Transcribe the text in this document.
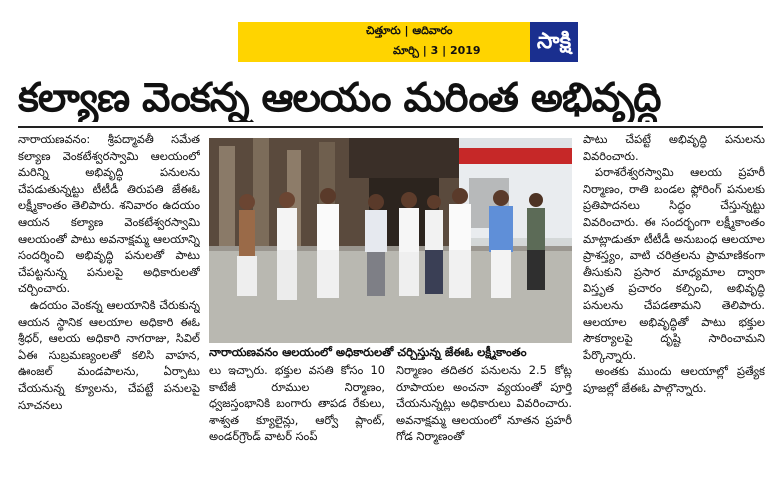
చిత్తూరు | ఆదివారం
మార్చి | 3 | 2019	సాక్షి
కల్యాణ వెంకన్న ఆలయం మరింత అభివృద్ధి

నారాయణవనం: శ్రీపద్మావతీ సమేత కల్యాణ వెంకటేశ్వరస్వామి ఆలయంలో మరిన్ని అభివృద్ధి పనులను చేపడుతున్నట్టు టీటీడీ తిరుపతి జేఈఓ లక్ష్మీకాంతం తెలిపారు. శనివారం ఉదయం ఆయన కల్యాణ వెంకటేశ్వరస్వామి ఆలయంతో పాటు అవనాక్షమ్మ ఆలయాన్ని సందర్శించి అభివృద్ధి పనులతో పాటు చేపట్టనున్న పనులపై అధికారులతో చర్చించారు.

ఉదయం వెంకన్న ఆలయానికి చేరుకున్న ఆయన స్థానిక ఆలయాల అధికారి ఈఓ శ్రీధర్, ఆలయ అధికారి నాగరాజు, సివిల్ ఏఈ సుబ్రమణ్యంలతో కలిసి వాహన, ఊంజల్ మండపాలను, ఏర్పాటు చేయనున్న క్యూలను, చేపట్టే పనులపై సూచనలు

నారాయణవనం ఆలయంలో అధికారులతో చర్చిస్తున్న జేఈఓ లక్ష్మీకాంతం

లు ఇచ్చారు. భక్తుల వసతి కోసం 10 కాటేజీ రూముల నిర్మాణం, ధ్వజస్తంభానికి బంగారు తాపడ రేకులు, శాశ్వత క్యూలైన్లు, ఆర్వో ప్లాంట్, అండర్‌గ్రౌండ్ వాటర్ సంప్

నిర్మాణం తదితర పనులను 2.5 కోట్ల రూపాయల అంచనా వ్యయంతో పూర్తి చేయనున్నట్లు అధికారులు వివరించారు. అవనాక్షమ్మ ఆలయంలో నూతన ప్రహరీ గోడ నిర్మాణంతో

పాటు చేపట్టే అభివృద్ధి పనులను వివరించారు.

పరాశరేశ్వరస్వామి ఆలయ ప్రహరీ నిర్మాణం, రాతి బండల ఫ్లోరింగ్ పనులకు ప్రతిపాదనలు సిద్ధం చేస్తున్నట్టు వివరించారు. ఈ సందర్భంగా లక్ష్మీకాంతం మాట్లాడుతూ టీటీడీ అనుబంధ ఆలయాల ప్రాశస్త్యం, వాటి చరిత్రలను ప్రామాణికంగా తీసుకుని ప్రసార మాధ్యమాల ద్వారా విస్తృత ప్రచారం కల్పించి, అభివృద్ధి పనులను చేపడతామని తెలిపారు. ఆలయాల అభివృద్ధితో పాటు భక్తుల సౌకర్యాలపై దృష్టి సారించామని పేర్కొన్నారు.

అంతకు ముందు ఆలయాల్లో ప్రత్యేక పూజల్లో జేఈఓ పాల్గొన్నారు.
